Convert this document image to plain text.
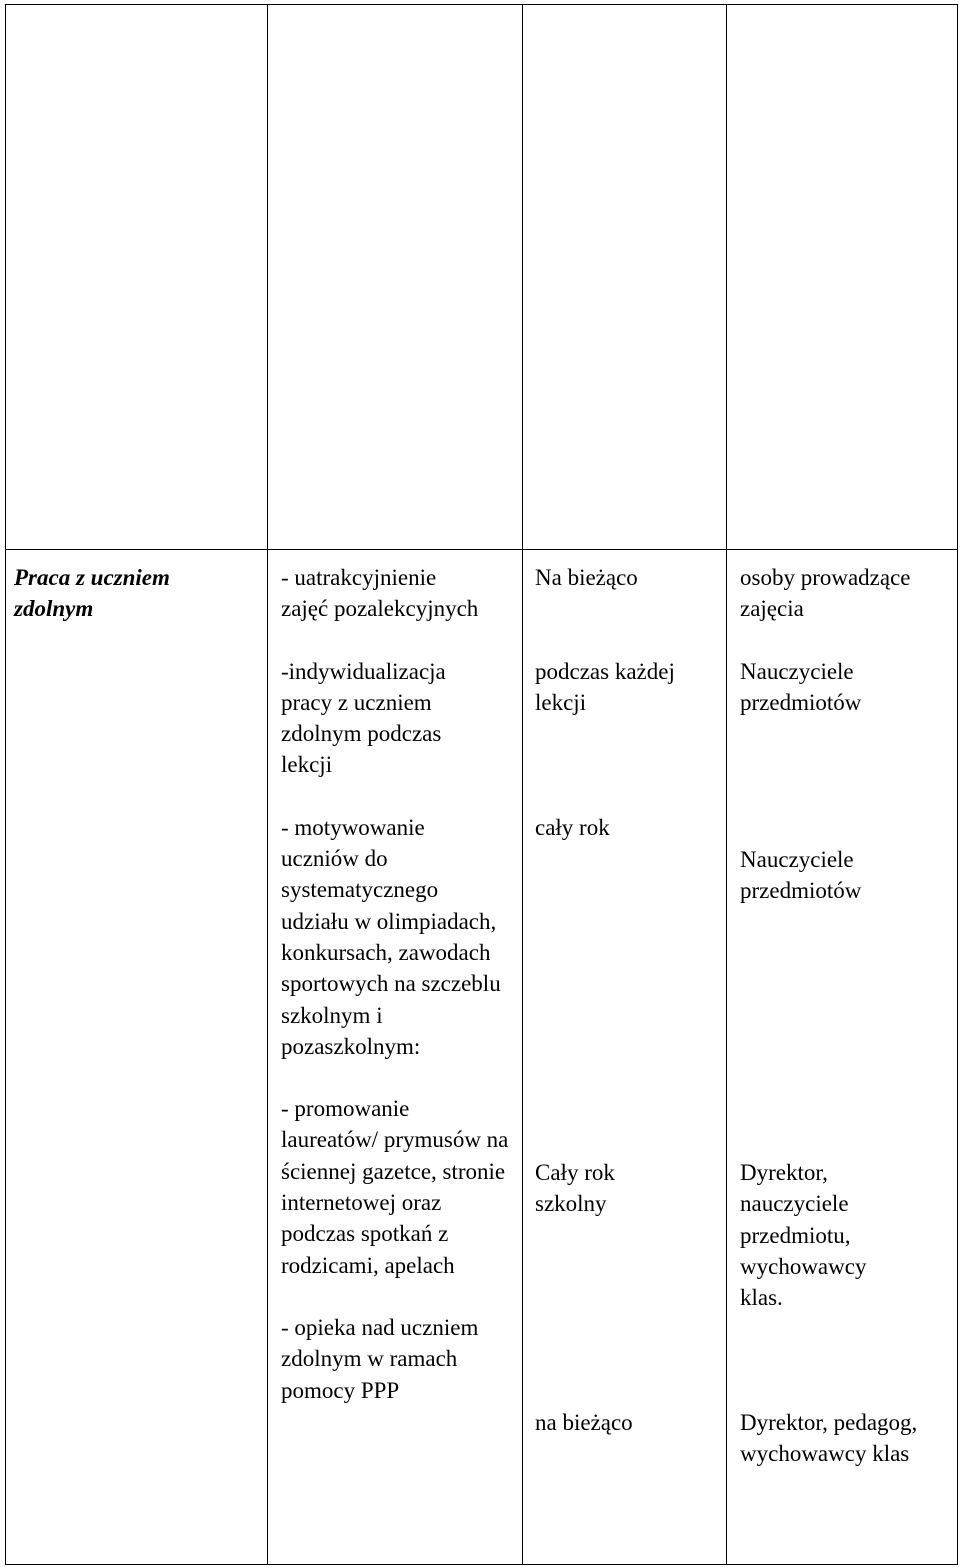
Praca z uczniem zdolnym

- uatrakcyjnienie zajęć pozalekcyjnych

-indywidualizacja pracy z uczniem zdolnym podczas lekcji

- motywowanie uczniów do systematycznego udziału w olimpiadach, konkursach, zawodach sportowych na szczeblu szkolnym i pozaszkolnym:

- promowanie laureatów/ prymusów na ściennej gazetce, stronie internetowej oraz podczas spotkań z rodzicami, apelach

- opieka nad uczniem zdolnym w ramach pomocy PPP

Na bieżąco

podczas każdej lekcji

cały rok

Cały rok szkolny

na bieżąco

osoby prowadzące zajęcia

Nauczyciele przedmiotów

Nauczyciele przedmiotów

Dyrektor, nauczyciele przedmiotu, wychowawcy klas.

Dyrektor, pedagog, wychowawcy klas
